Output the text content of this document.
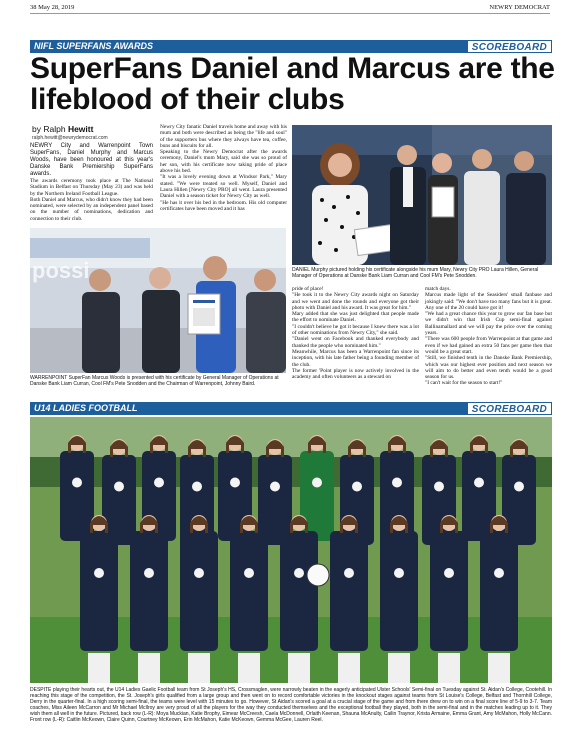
38 May 28, 2019	NEWRY DEMOCRAT
NIFL SUPERFANS AWARDS	SCOREBOARD
SuperFans Daniel and Marcus are the lifeblood of their clubs
by Ralph Hewitt
ralph.hewitt@newrydemocrat.com

NEWRY City and Warrenpoint Town SuperFans, Daniel Murphy and Marcus Woods, have been honoured at this year's Danske Bank Premiership SuperFans awards.

The awards ceremony took place at The National Stadium in Belfast on Thursday (May 23) and was held by the Northern Ireland Football League.

Both Daniel and Marcus, who didn't know they had been nominated, were selected by an independent panel based on the number of nominations, dedication and connection to their club.

Newry City fanatic Daniel travels home and away with his mum and both were described as being the "life and soul" of the supporters bus where they always have tea, coffee, buns and biscuits for all.

Speaking to the Newry Democrat after the awards ceremony, Daniel's mum Mary, said she was so proud of her son, with his certificate now taking pride of place above his bed.

"It was a lovely evening down at Windsor Park," Mary stated. "We were treated so well. Myself, Daniel and Laura Hillen [Newry City PRO] all went. Laura presented Daniel with a season ticket for Newry City as well.

"He has it over his bed in the bedroom. His old computer certificates have been moved and it has

possi
WARRENPOINT SuperFan Marcus Woods is presented with his certificate by General Manager of Operations at Danske Bank Liam Curran, Cool FM's Pete Snodden and the Chairman of Warrenpoint, Johnny Baird.
DANIEL Murphy pictured holding his certificate alongside his mum Mary, Newry City PRO Laura Hillen, General Manager of Operations at Danske Bank Liam Curran and Cool FM's Pete Snodden.

pride of place!

"He took it to the Newry City awards night on Saturday and we went and done the rounds and everyone got their photo with Daniel and his award. It was great for him."

Mary added that she was just delighted that people made the effort to nominate Daniel.

"I couldn't believe he got it because I knew there was a lot of other nominations from Newry City," she said.

"Daniel went on Facebook and thanked everybody and thanked the people who nominated him."

Meanwhile, Marcus has been a Warrenpoint fan since its inception, with his late father being a founding member of the club.

The former 'Point player is now actively involved in the academy and often volunteers as a steward on

match days.

Marcus made light of the Seasiders' small fanbase and jokingly said: "We don't have too many fans but it is great. Any one of the 20 could have got it!

"We had a great chance this year to grow our fan base but we didn't win that Irish Cup semi-final against Ballinamallard and we will pay the price over the coming years.

"There was 600 people from Warrenpoint at that game and even if we had gained an extra 50 fans per game then that would be a great start.

"Still, we finished tenth in the Danske Bank Premiership, which was our highest ever position and next season we will aim to do better and even tenth would be a good season for us.

"I can't wait for the season to start!"

U14 LADIES FOOTBALL	SCOREBOARD
DESPITE playing their hearts out, the U14 Ladies Gaelic Football team from St Joseph's HS, Crossmaglen, were narrowly beaten in the eagerly anticipated Ulster Schools' Semi-final on Tuesday against St. Aidan's College, Cootehill. In reaching this stage of the competition, the St. Joseph's girls qualified from a large group and then went on to record comfortable victories in the knockout stages against teams from St Louise's College, Belfast and Thornhill College, Derry in the quarter-final. In a high scoring semi-final, the teams were level with 15 minutes to go. However, St Aidan's scored a goal at a crucial stage of the game and from there drew on to win on a final score line of 5-9 to 3-7. Team coaches, Miss Aileen McCarron and Mr Michael McIlroy are very proud of all the players for the way they conducted themselves and the exceptional football they played, both in the semi-final and in the matches leading up to it. They wish them all well in the future. Pictured, back row (L-R): Moya Muckian, Katie Brophy, Eimear McCreesh, Caela McDonnell, Orlaith Keenan, Shauna McAnulty, Cailin Traynor, Krista Armaine, Emma Grant, Amy McMahon, Holly McCann. Front row (L-R): Caitlin McKeown, Claire Quinn, Courtney McKeown, Erin McMahon, Katie McKeown, Gemma McGee, Lauren Reel.
